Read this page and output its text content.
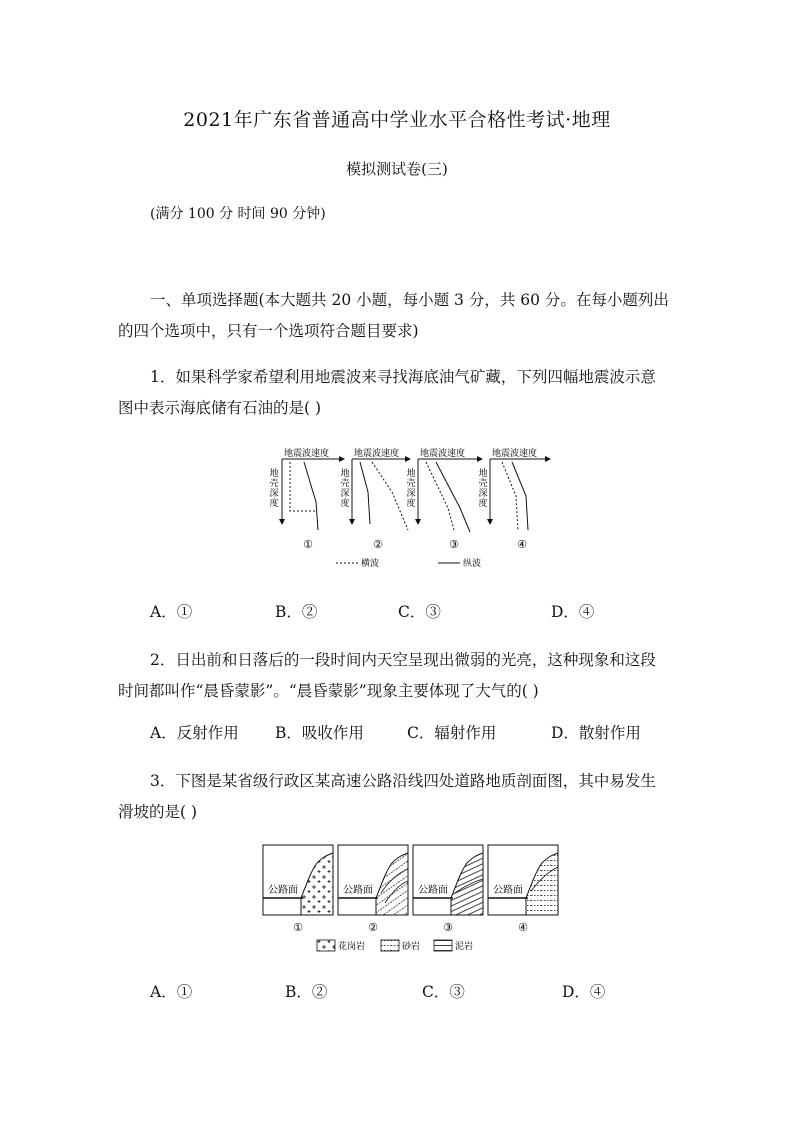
2021年广东省普通高中学业水平合格性考试·地理
模拟测试卷(三)
(满分 100 分 时间 90 分钟)
一、单项选择题(本大题共 20 小题，每小题 3 分，共 60 分。在每小题列出
的四个选项中，只有一个选项符合题目要求)
1．如果科学家希望利用地震波来寻找海底油气矿藏，下列四幅地震波示意
图中表示海底储有石油的是( )
地震波速度
地
壳
深
度
①
地震波速度
地
壳
深
度
②
地震波速度
地
壳
深
度
③
地震波速度
地
壳
深
度
④
横波	纵波
A．①	B．②	C．③	D．④
2．日出前和日落后的一段时间内天空呈现出微弱的光亮，这种现象和这段
时间都叫作“晨昏蒙影”。“晨昏蒙影”现象主要体现了大气的( )
A．反射作用 B．吸收作用	C．辐射作用	D．散射作用
3．下图是某省级行政区某高速公路沿线四处道路地质剖面图，其中易发生
滑坡的是( )
公路面
①
公路面
②
公路面
③
公路面
④
花岗岩	砂岩	泥岩
A．①	B．②	C．③	D．④
